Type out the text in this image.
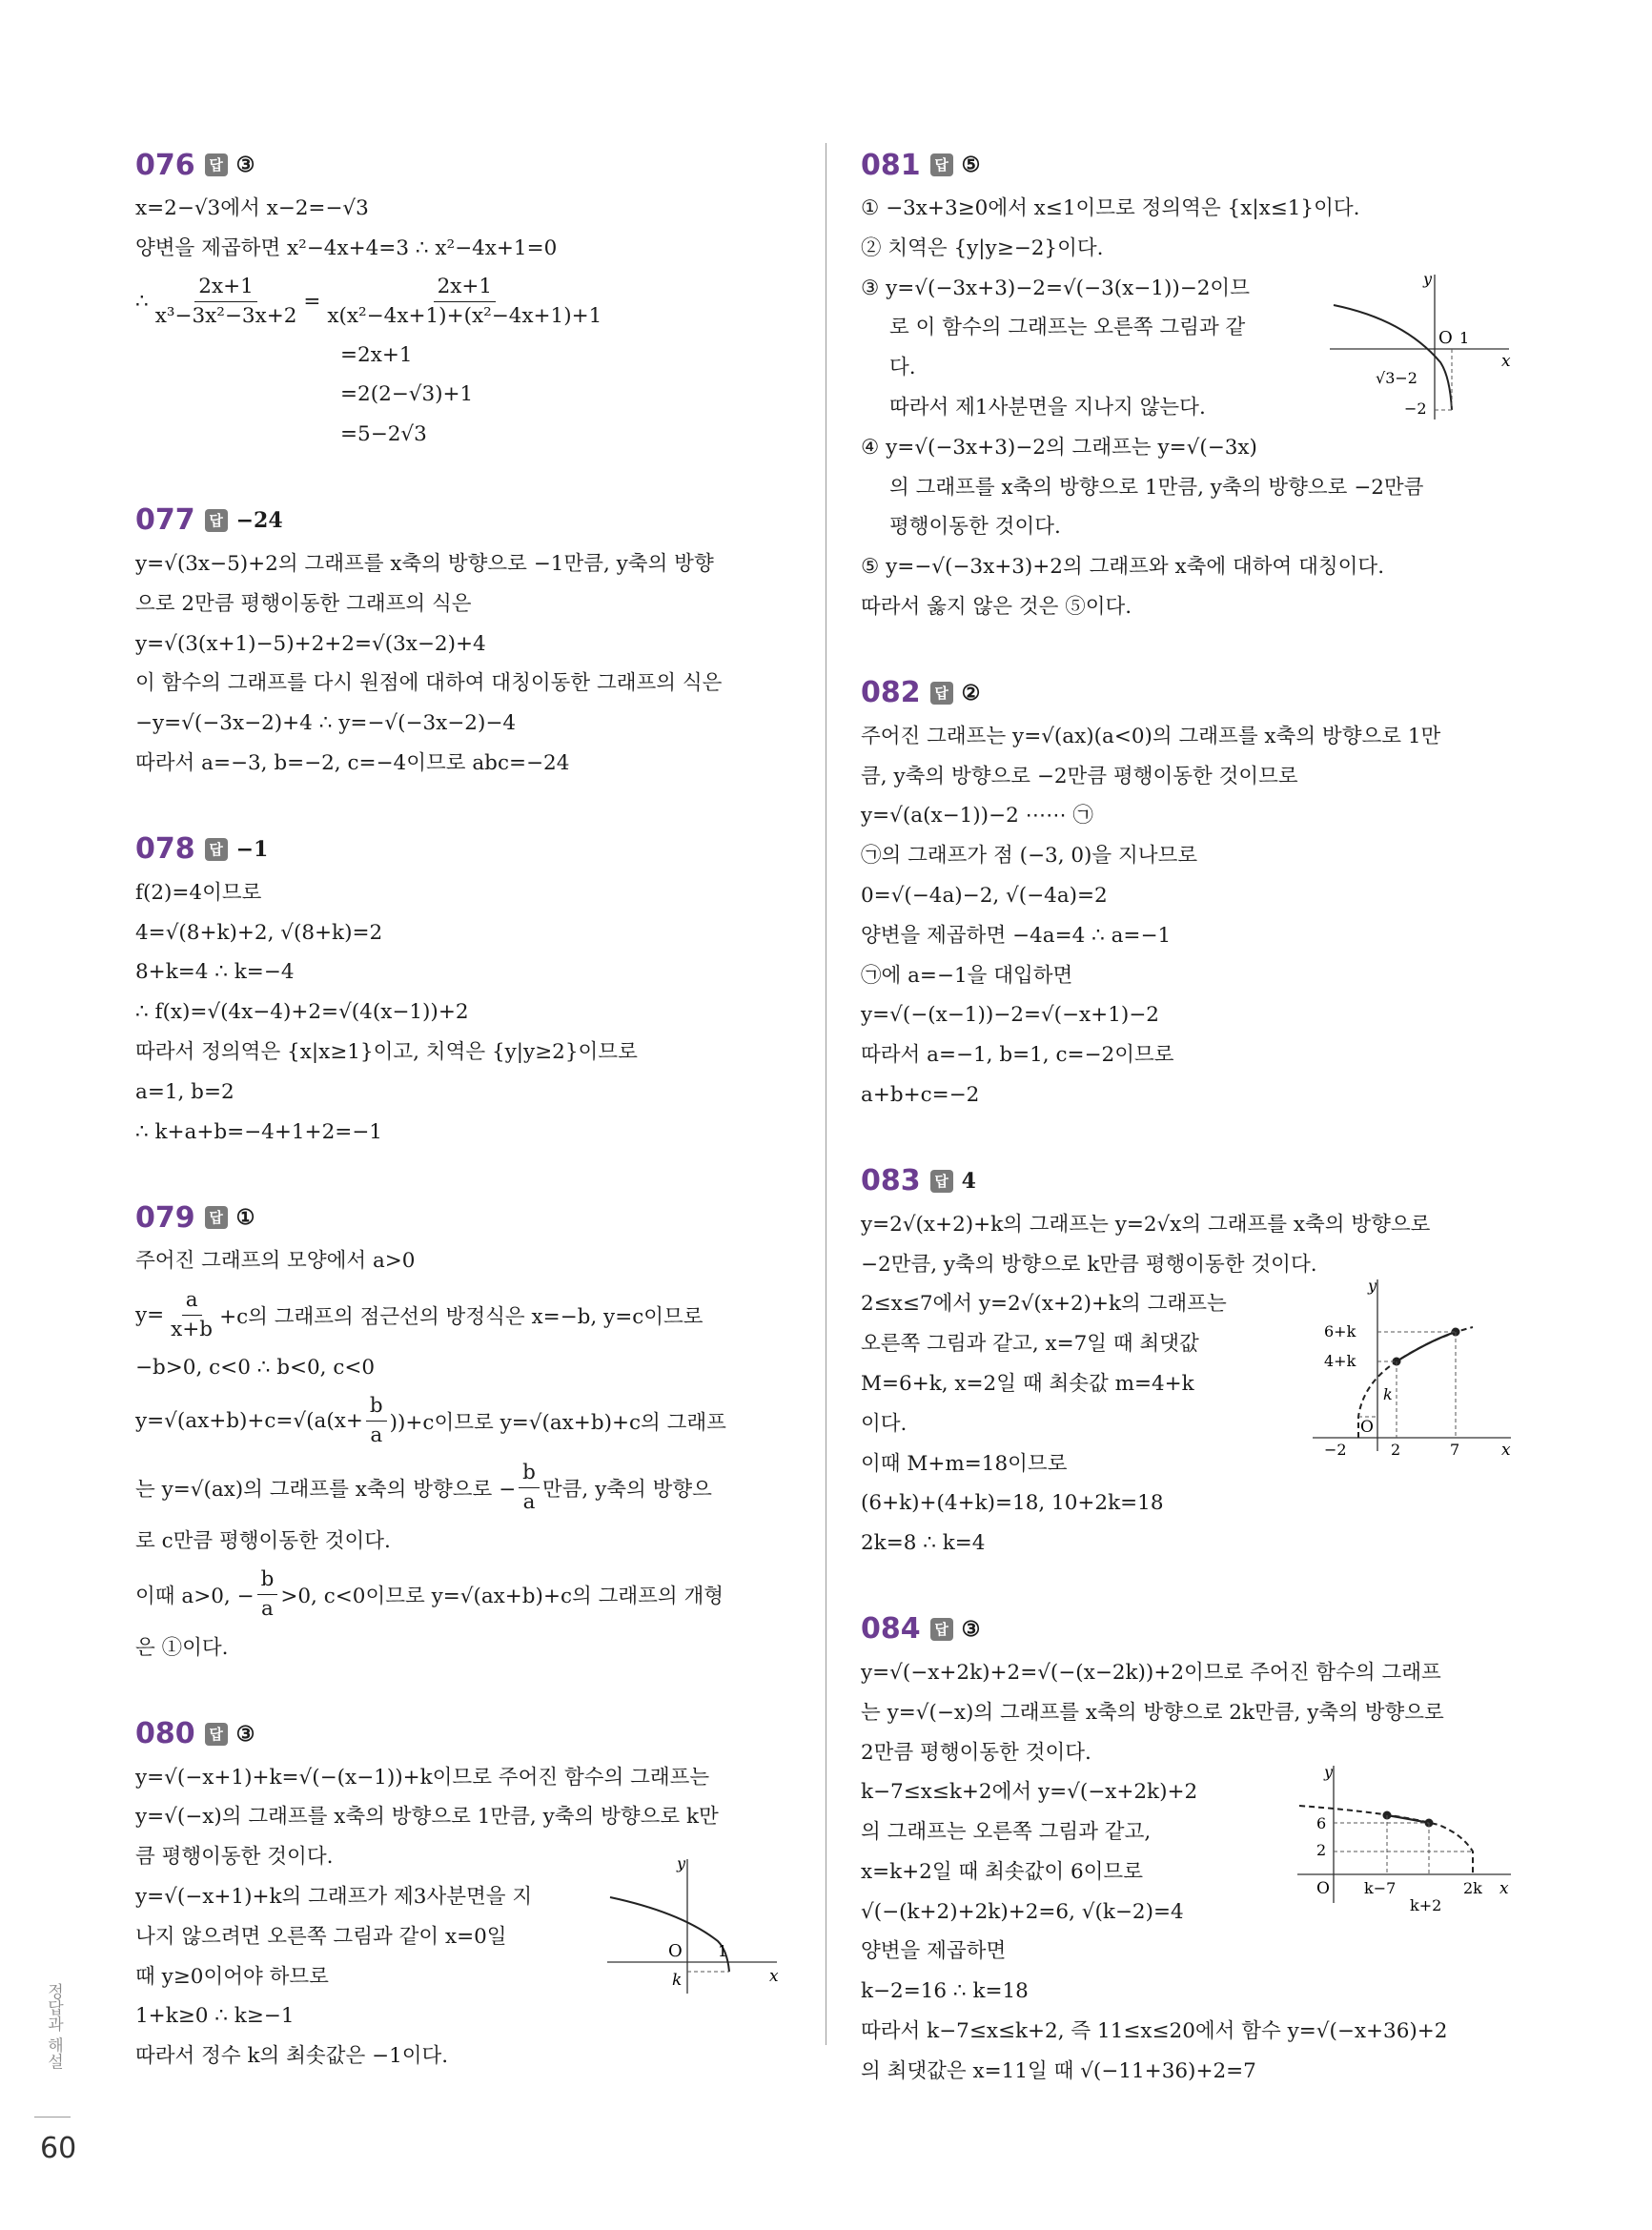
076 답 ③
x=2−√3에서 x−2=−√3
양변을 제곱하면 x²−4x+4=3 ∴ x²−4x+1=0
∴ $\frac{2x+1}{\text{x³−3x²−3x+2}} = \frac{2x+1}{\text{x(x²−4x+1)+(x²−4x+1)+1}}$
=2x+1
=2(2−√3)+1
=5−2√3
077 답 −24
y=√(3x−5)+2의 그래프를 x축의 방향으로 −1만큼, y축의 방향
으로 2만큼 평행이동한 그래프의 식은
y=√(3(x+1)−5)+2+2=√(3x−2)+4
이 함수의 그래프를 다시 원점에 대하여 대칭이동한 그래프의 식은
−y=√(−3x−2)+4 ∴ y=−√(−3x−2)−4
따라서 a=−3, b=−2, c=−4이므로 abc=−24
078 답 −1
f(2)=4이므로
4=√(8+k)+2, √(8+k)=2
8+k=4 ∴ k=−4
∴ f(x)=√(4x−4)+2=√(4(x−1))+2
따라서 정의역은 {x|x≥1}이고, 치역은 {y|y≥2}이므로
a=1, b=2
∴ k+a+b=−4+1+2=−1
079 답 ①
주어진 그래프의 모양에서 a>0
$y= \frac{a}{x+b} +c$의 그래프의 점근선의 방정식은 x=−b, y=c이므로
−b>0, c<0 ∴ b<0, c<0
$y=√(ax+b)+c=√(a(x+ \frac{b}{a} ))+c$이므로 y=√(ax+b)+c의 그래프
는 y=√(ax)의 그래프를 x축의 방향으로 − $\frac{b}{a}$ 만큼, y축의 방향으
로 c만큼 평행이동한 것이다.
이때 a>0, − $\frac{b}{a} >0$, c<0이므로 y=√(ax+b)+c의 그래프의 개형
은 ①이다.
080 답 ③
y=√(−x+1)+k=√(−(x−1))+k이므로 주어진 함수의 그래프는
y=√(−x)의 그래프를 x축의 방향으로 1만큼, y축의 방향으로 k만
큼 평행이동한 것이다.
y=√(−x+1)+k의 그래프가 제3사분면을 지
나지 않으려면 오른쪽 그림과 같이 x=0일
때 y≥0이어야 하므로
1+k≥0 ∴ k≥−1
따라서 정수 k의 최솟값은 −1이다.
y
O 1
k	x
081 답 ⑤
① −3x+3≥0에서 x≤1이므로 정의역은 {x|x≤1}이다.
② 치역은 {y|y≥−2}이다.
③ y=√(−3x+3)−2=√(−3(x−1))−2이므
로 이 함수의 그래프는 오른쪽 그림과 같
다.
따라서 제1사분면을 지나지 않는다.
④ y=√(−3x+3)−2의 그래프는 y=√(−3x)
의 그래프를 x축의 방향으로 1만큼, y축의 방향으로 −2만큼
평행이동한 것이다.
⑤ y=−√(−3x+3)+2의 그래프와 x축에 대하여 대칭이다.
따라서 옳지 않은 것은 ⑤이다.
y
O 1
x
√3−2
−2
082 답 ②
주어진 그래프는 y=√(ax)(a<0)의 그래프를 x축의 방향으로 1만
큼, y축의 방향으로 −2만큼 평행이동한 것이므로
y=√(a(x−1))−2 ⋯⋯ ㉠
㉠의 그래프가 점 (−3, 0)을 지나므로
0=√(−4a)−2, √(−4a)=2
양변을 제곱하면 −4a=4 ∴ a=−1
㉠에 a=−1을 대입하면
y=√(−(x−1))−2=√(−x+1)−2
따라서 a=−1, b=1, c=−2이므로
a+b+c=−2
083 답 4
y=2√(x+2)+k의 그래프는 y=2√x의 그래프를 x축의 방향으로
−2만큼, y축의 방향으로 k만큼 평행이동한 것이다.
2≤x≤7에서 y=2√(x+2)+k의 그래프는
오른쪽 그림과 같고, x=7일 때 최댓값
M=6+k, x=2일 때 최솟값 m=4+k
이다.
이때 M+m=18이므로
(6+k)+(4+k)=18, 10+2k=18
2k=8 ∴ k=4
y
6+k
4+k
k
O
−2	2	7	x
084 답 ③
y=√(−x+2k)+2=√(−(x−2k))+2이므로 주어진 함수의 그래프
는 y=√(−x)의 그래프를 x축의 방향으로 2k만큼, y축의 방향으로
2만큼 평행이동한 것이다.
k−7≤x≤k+2에서 y=√(−x+2k)+2
의 그래프는 오른쪽 그림과 같고,
x=k+2일 때 최솟값이 6이므로
√(−(k+2)+2k)+2=6, √(k−2)=4
양변을 제곱하면
k−2=16 ∴ k=18
따라서 k−7≤x≤k+2, 즉 11≤x≤20에서 함수 y=√(−x+36)+2
의 최댓값은 x=11일 때 √(−11+36)+2=7
y
6
2
O k−7
k+2
2k x
정답과 해설
60
